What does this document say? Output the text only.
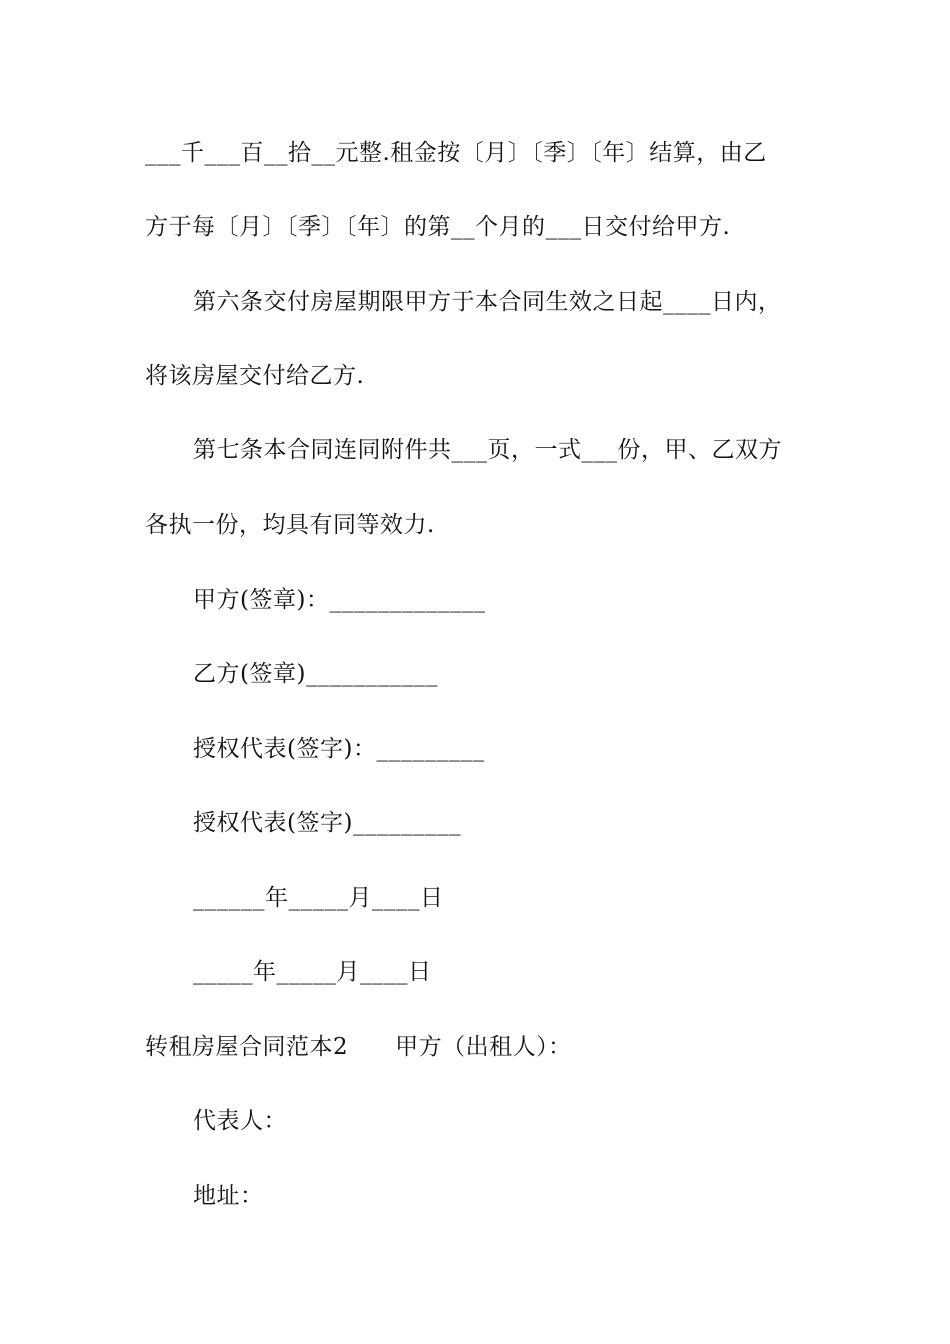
___千___百__拾__元整.租金按〔月〕〔季〕〔年〕结算，由乙
方于每〔月〕〔季〕〔年〕的第__个月的___日交付给甲方.
第六条交付房屋期限甲方于本合同生效之日起____日内，
将该房屋交付给乙方.
第七条本合同连同附件共___页，一式___份，甲、乙双方
各执一份，均具有同等效力.
甲方(签章)：_____________
乙方(签章)___________
授权代表(签字)：_________
授权代表(签字)_________
______年_____月____日
_____年_____月____日
转租房屋合同范本2　　甲方（出租人）：
代表人：
地址：
